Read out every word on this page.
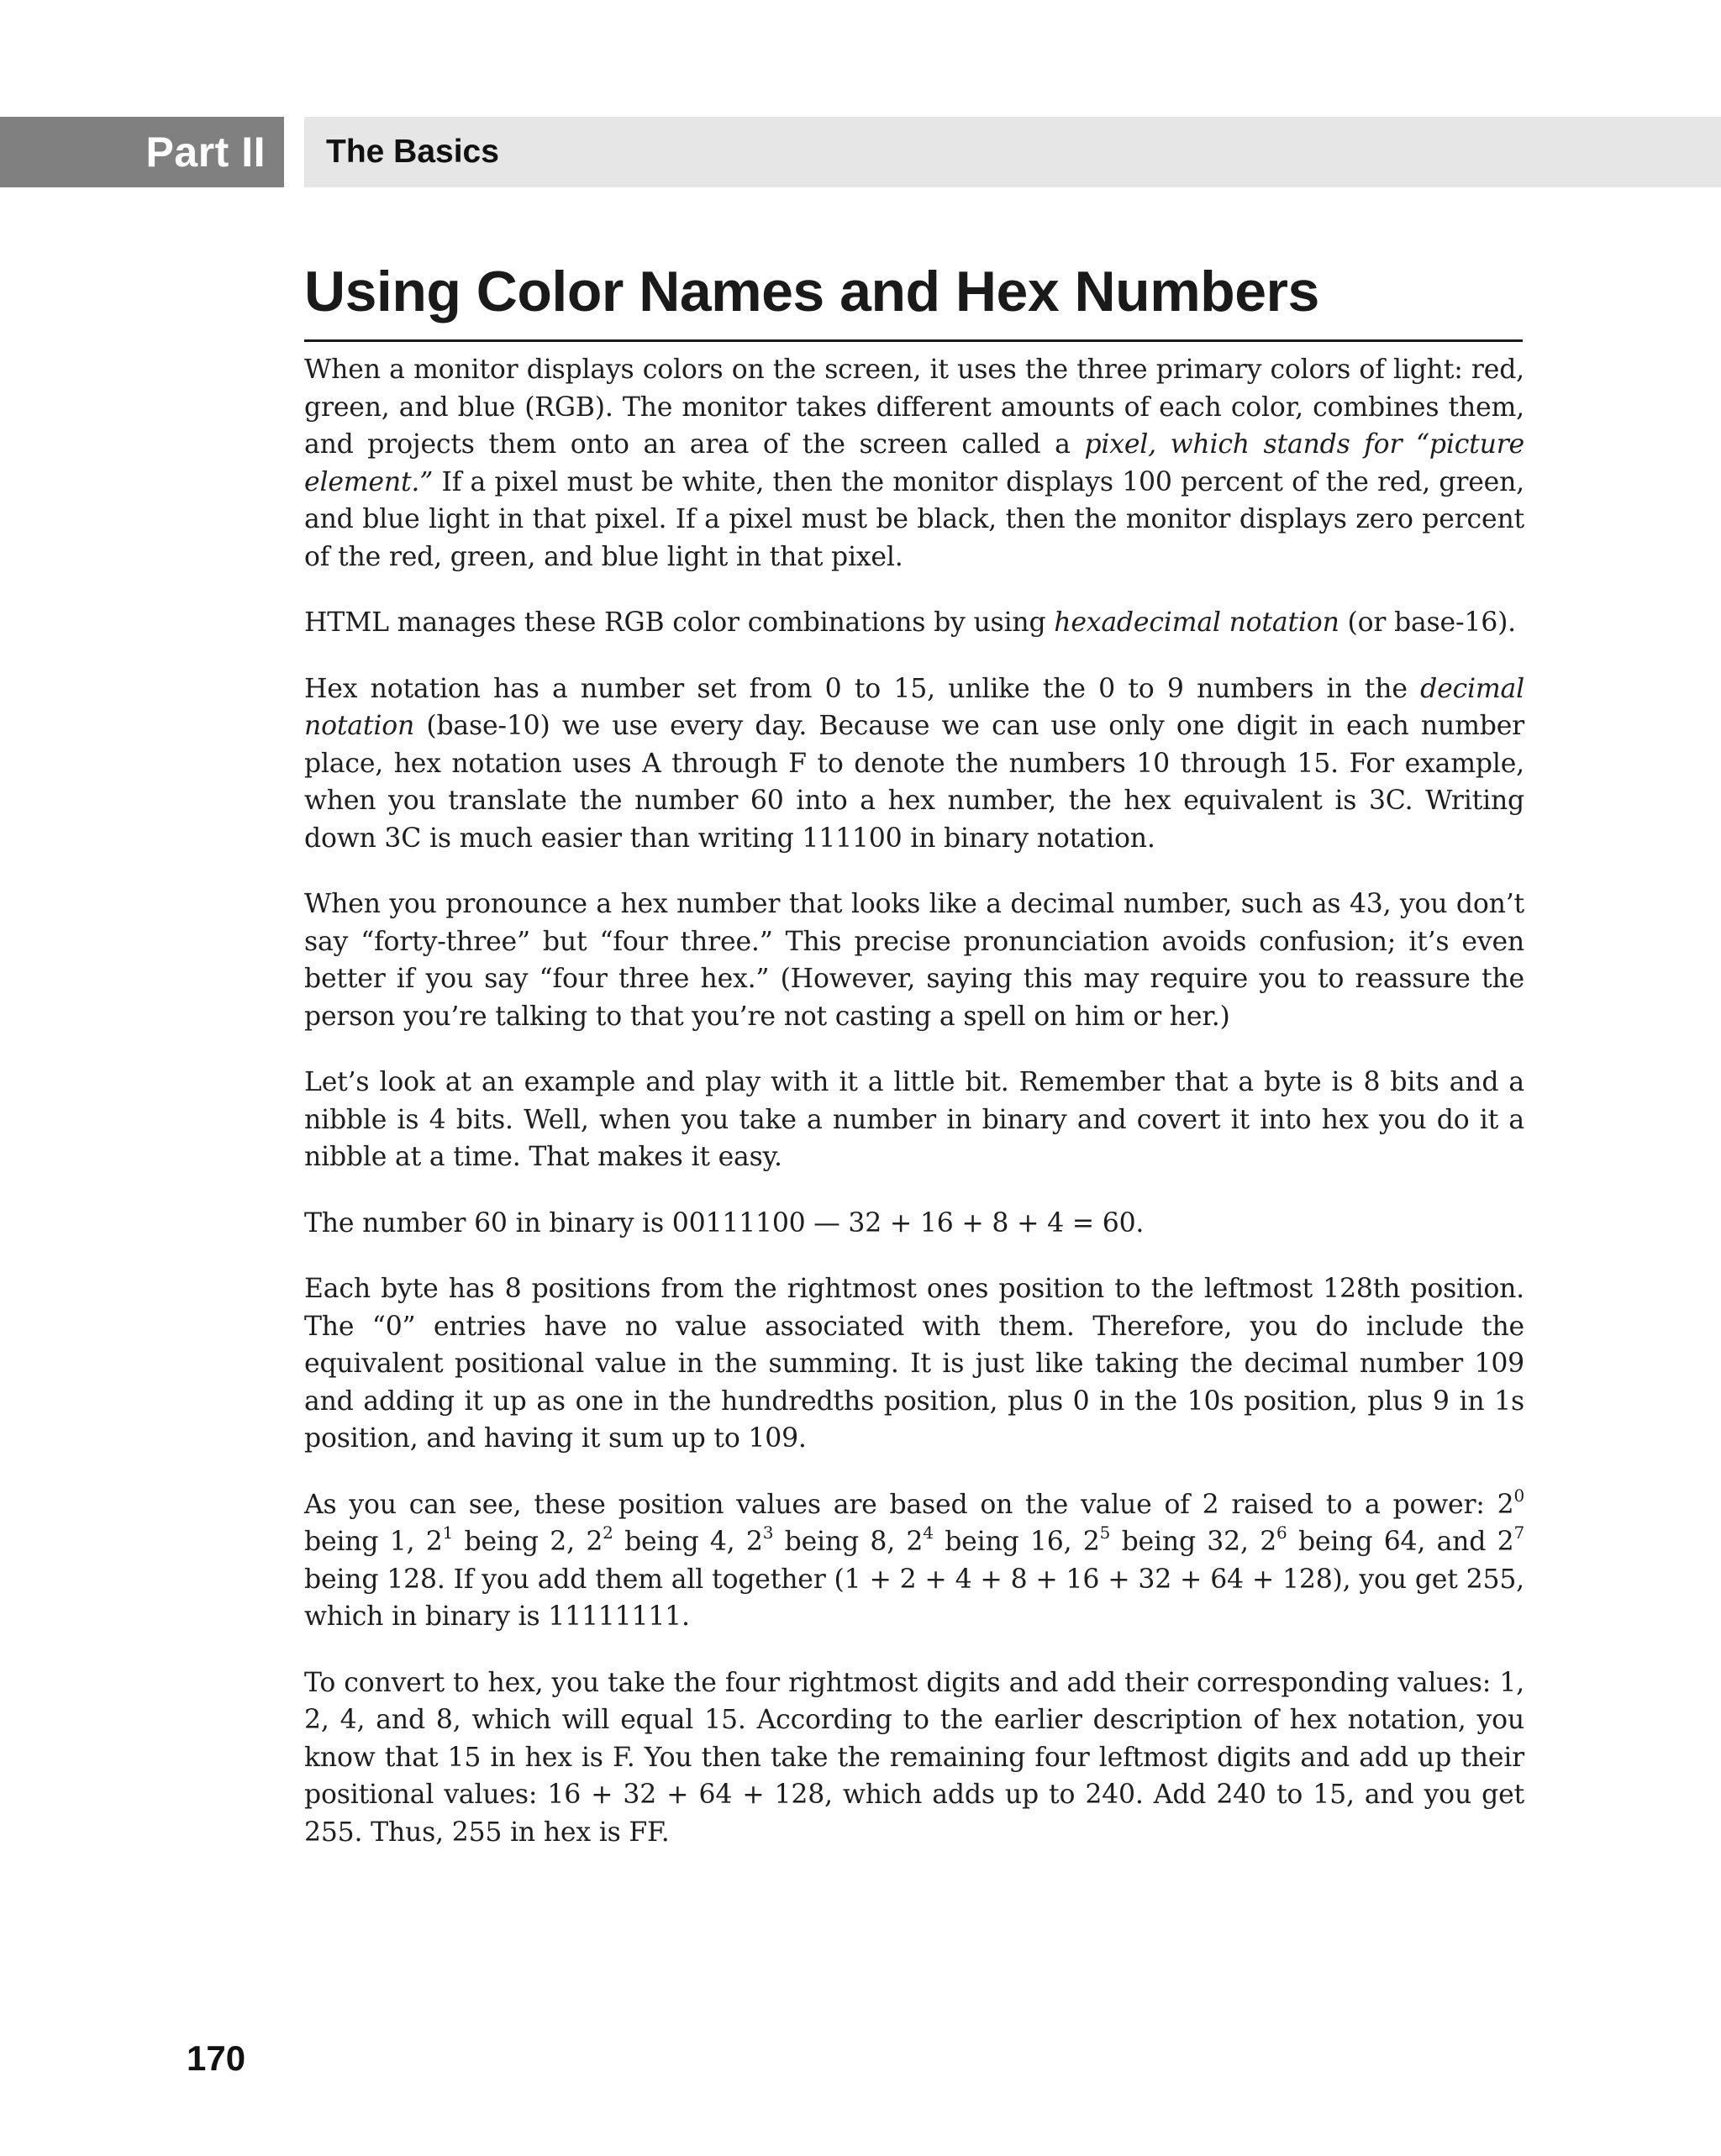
Part II The Basics
Using Color Names and Hex Numbers

When a monitor displays colors on the screen, it uses the three primary colors of light: red, green, and blue (RGB). The monitor takes different amounts of each color, combines them, and projects them onto an area of the screen called a pixel, which stands for “picture element.” If a pixel must be white, then the monitor displays 100 percent of the red, green, and blue light in that pixel. If a pixel must be black, then the monitor displays zero percent of the red, green, and blue light in that pixel.

HTML manages these RGB color combinations by using hexadecimal notation (or base-16).

Hex notation has a number set from 0 to 15, unlike the 0 to 9 numbers in the decimal notation (base-10) we use every day. Because we can use only one digit in each number place, hex notation uses A through F to denote the numbers 10 through 15. For example, when you translate the number 60 into a hex number, the hex equivalent is 3C. Writing down 3C is much easier than writing 111100 in binary notation.

When you pronounce a hex number that looks like a decimal number, such as 43, you don’t say “forty-three” but “four three.” This precise pronunciation avoids confusion; it’s even better if you say “four three hex.” (However, saying this may require you to reassure the person you’re talking to that you’re not casting a spell on him or her.)

Let’s look at an example and play with it a little bit. Remember that a byte is 8 bits and a nibble is 4 bits. Well, when you take a number in binary and covert it into hex you do it a nibble at a time. That makes it easy.

The number 60 in binary is 00111100 — 32 + 16 + 8 + 4 = 60.

Each byte has 8 positions from the rightmost ones position to the leftmost 128th position. The “0” entries have no value associated with them. Therefore, you do include the equivalent positional value in the summing. It is just like taking the decimal number 109 and adding it up as one in the hundredths position, plus 0 in the 10s position, plus 9 in 1s position, and having it sum up to 109.

As you can see, these position values are based on the value of 2 raised to a power: $2^0$ being 1, $2^1$ being 2, $2^2$ being 4, $2^3$ being 8, $2^4$ being 16, $2^5$ being 32, $2^6$ being 64, and $2^7$ being 128. If you add them all together (1 + 2 + 4 + 8 + 16 + 32 + 64 + 128), you get 255, which in binary is 11111111.

To convert to hex, you take the four rightmost digits and add their corresponding values: 1, 2, 4, and 8, which will equal 15. According to the earlier description of hex notation, you know that 15 in hex is F. You then take the remaining four leftmost digits and add up their positional values: 16 + 32 + 64 + 128, which adds up to 240. Add 240 to 15, and you get 255. Thus, 255 in hex is FF.

170
